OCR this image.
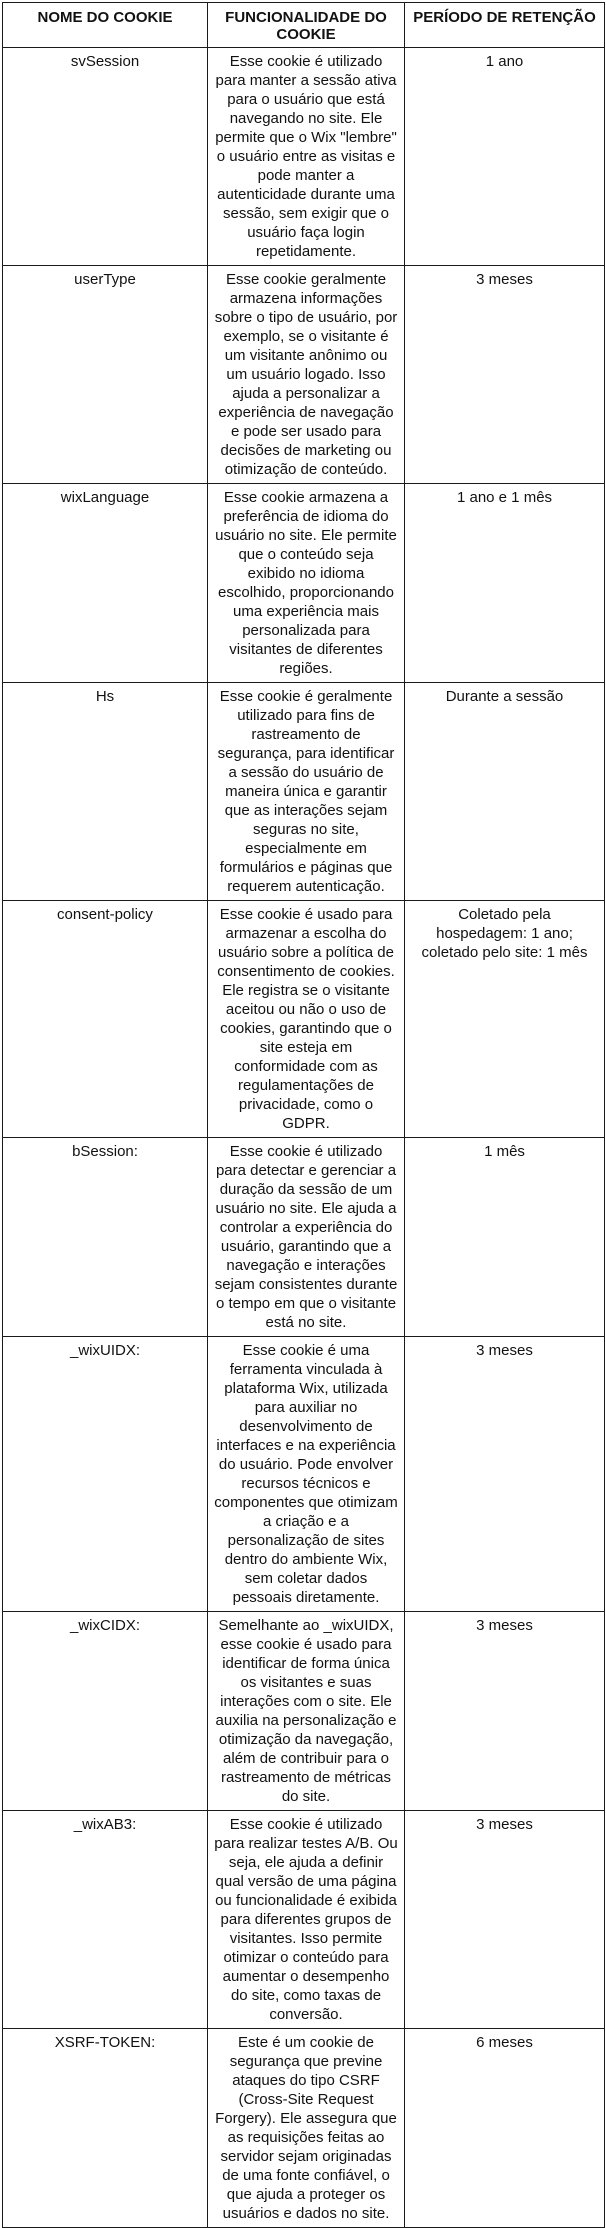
NOME DO COOKIE	FUNCIONALIDADE DO COOKIE	PERÍODO DE RETENÇÃO
svSession	Esse cookie é utilizado para manter a sessão ativa para o usuário que está navegando no site. Ele permite que o Wix "lembre" o usuário entre as visitas e pode manter a autenticidade durante uma sessão, sem exigir que o usuário faça login repetidamente.	1 ano
userType	Esse cookie geralmente armazena informações sobre o tipo de usuário, por exemplo, se o visitante é um visitante anônimo ou um usuário logado. Isso ajuda a personalizar a experiência de navegação e pode ser usado para decisões de marketing ou otimização de conteúdo.	3 meses
wixLanguage	Esse cookie armazena a preferência de idioma do usuário no site. Ele permite que o conteúdo seja exibido no idioma escolhido, proporcionando uma experiência mais personalizada para visitantes de diferentes regiões.	1 ano e 1 mês
Hs	Esse cookie é geralmente utilizado para fins de rastreamento de segurança, para identificar a sessão do usuário de maneira única e garantir que as interações sejam seguras no site, especialmente em formulários e páginas que requerem autenticação.	Durante a sessão
consent-policy	Esse cookie é usado para armazenar a escolha do usuário sobre a política de consentimento de cookies. Ele registra se o visitante aceitou ou não o uso de cookies, garantindo que o site esteja em conformidade com as regulamentações de privacidade, como o GDPR.	Coletado pela hospedagem: 1 ano; coletado pelo site: 1 mês
bSession:	Esse cookie é utilizado para detectar e gerenciar a duração da sessão de um usuário no site. Ele ajuda a controlar a experiência do usuário, garantindo que a navegação e interações sejam consistentes durante o tempo em que o visitante está no site.	1 mês
_wixUIDX:	Esse cookie é uma ferramenta vinculada à plataforma Wix, utilizada para auxiliar no desenvolvimento de interfaces e na experiência do usuário. Pode envolver recursos técnicos e componentes que otimizam a criação e a personalização de sites dentro do ambiente Wix, sem coletar dados pessoais diretamente.	3 meses
_wixCIDX:	Semelhante ao _wixUIDX, esse cookie é usado para identificar de forma única os visitantes e suas interações com o site. Ele auxilia na personalização e otimização da navegação, além de contribuir para o rastreamento de métricas do site.	3 meses
_wixAB3:	Esse cookie é utilizado para realizar testes A/B. Ou seja, ele ajuda a definir qual versão de uma página ou funcionalidade é exibida para diferentes grupos de visitantes. Isso permite otimizar o conteúdo para aumentar o desempenho do site, como taxas de conversão.	3 meses
XSRF-TOKEN:	Este é um cookie de segurança que previne ataques do tipo CSRF (Cross-Site Request Forgery). Ele assegura que as requisições feitas ao servidor sejam originadas de uma fonte confiável, o que ajuda a proteger os usuários e dados no site.	6 meses
